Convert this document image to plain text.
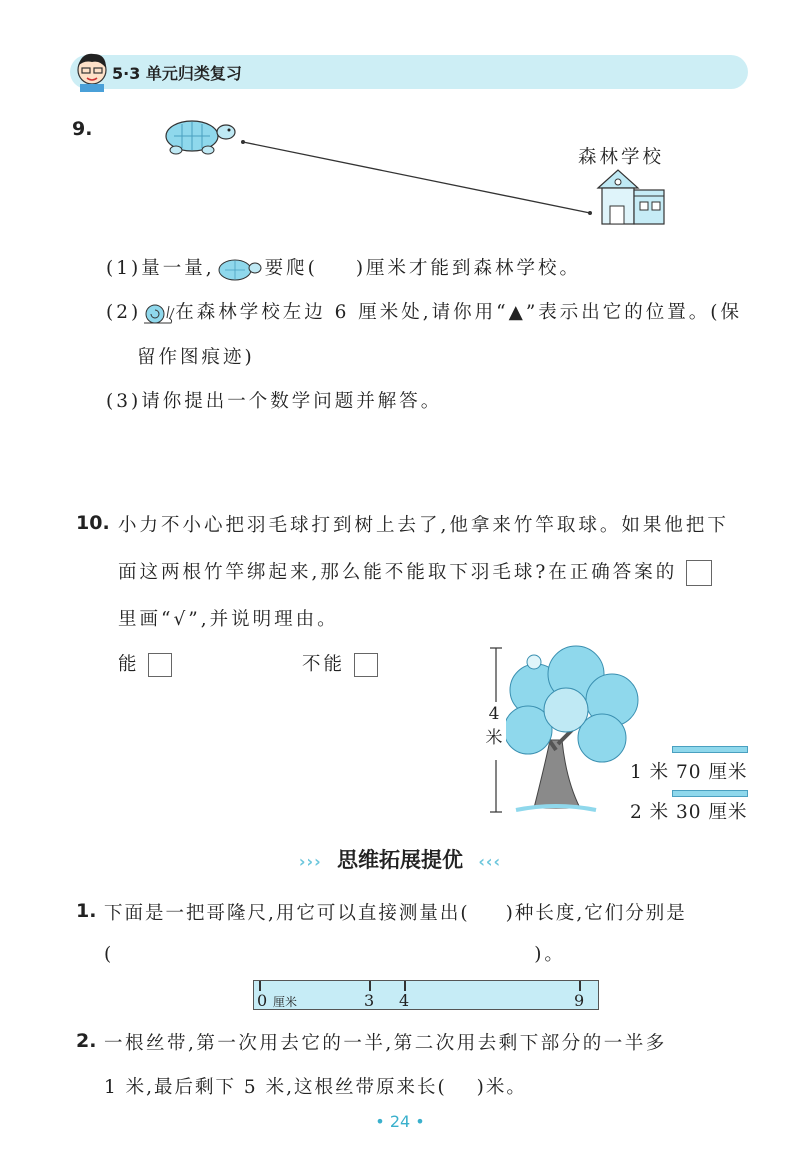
5·3 单元归类复习
9.
森林学校
(1)量一量,	要爬( )厘米才能到森林学校。
(2) 在森林学校左边 6 厘米处,请你用“▲”表示出它的位置。(保
留作图痕迹)
(3)请你提出一个数学问题并解答。
10. 小力不小心把羽毛球打到树上去了,他拿来竹竿取球。如果他把下
面这两根竹竿绑起来,那么能不能取下羽毛球?在正确答案的
里画“√”,并说明理由。
能	不能
4米
1 米 70 厘米
2 米 30 厘米
››› 思维拓展提优 ‹‹‹
1. 下面是一把哥隆尺,用它可以直接测量出( )种长度,它们分别是
(	)。
0 厘米	3 4	9
2. 一根丝带,第一次用去它的一半,第二次用去剩下部分的一半多
1 米,最后剩下 5 米,这根丝带原来长( )米。
• 24 •
